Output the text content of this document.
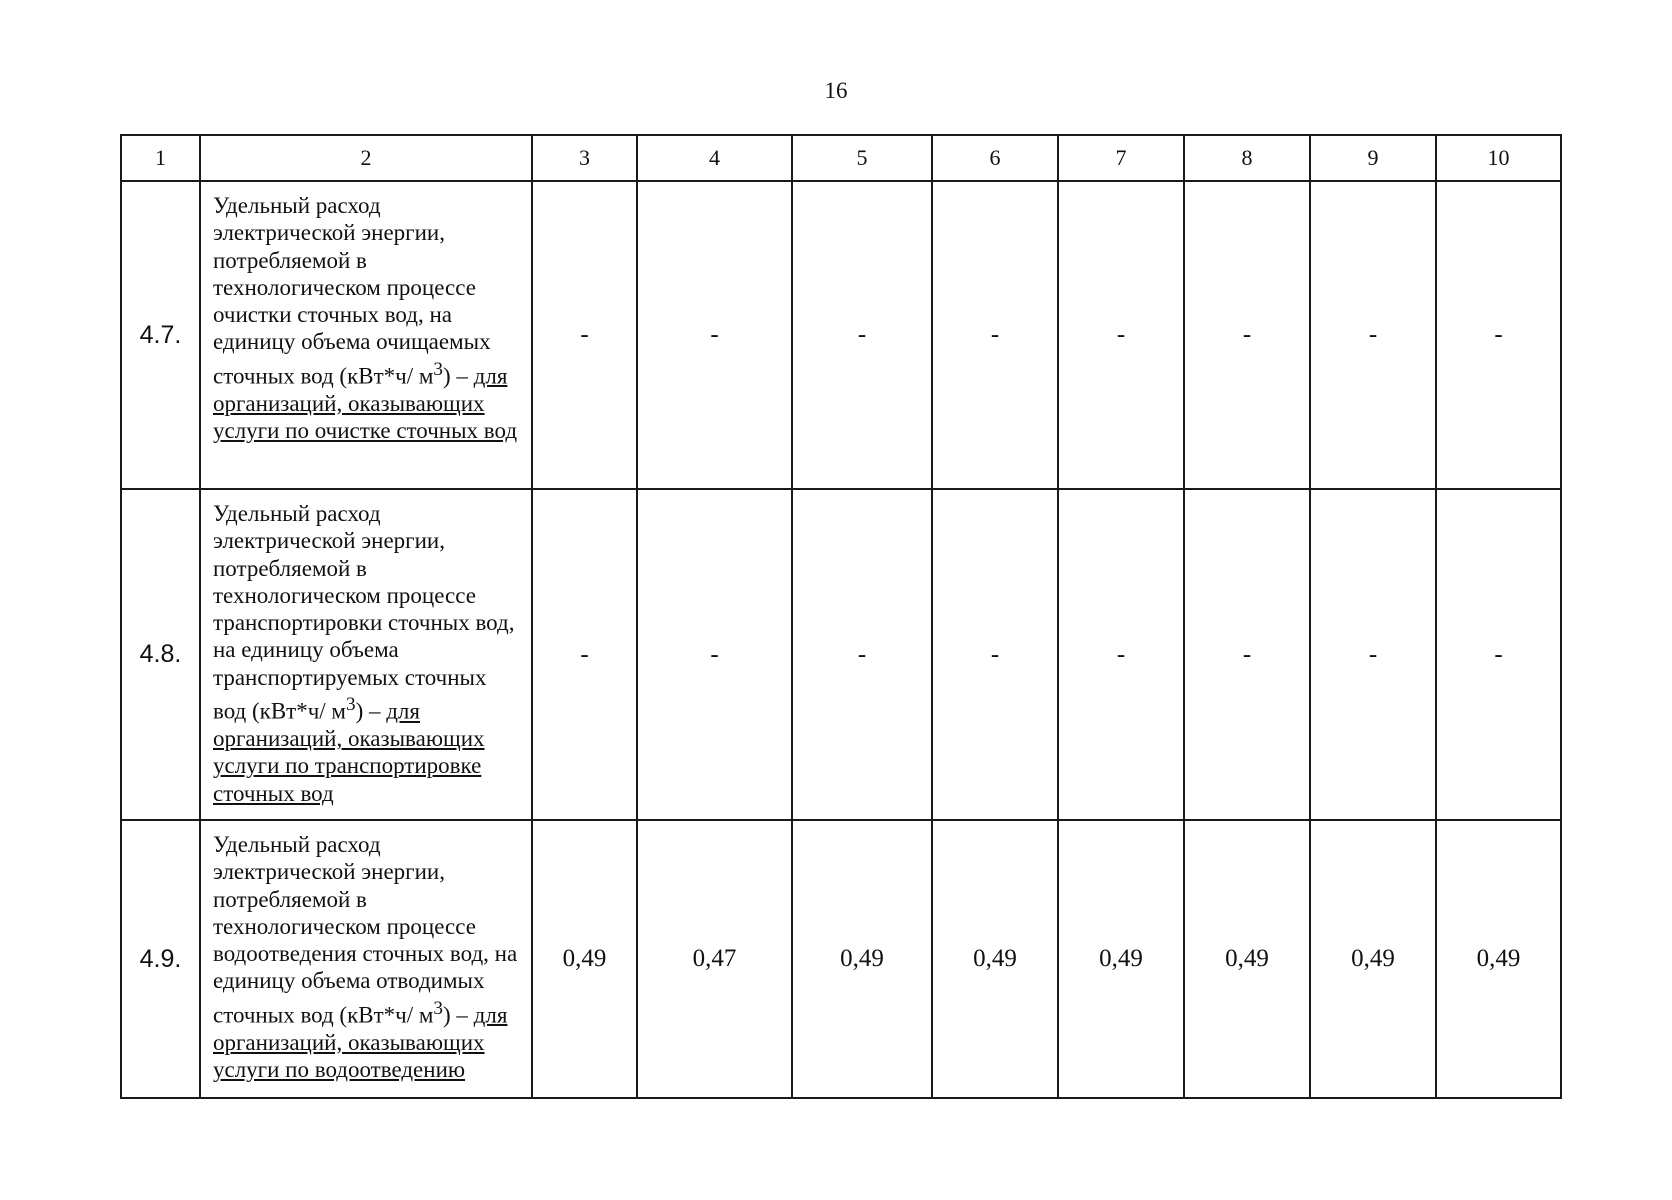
16
1	2	3	4	5	6	7	8	9	10
4.7.	Удельный расход электрической энергии, потребляемой в технологическом процессе очистки сточных вод, на единицу объема очищаемых сточных вод (кВт*ч/ $м^3$) – для организаций, оказывающих услуги по очистке сточных вод	-	-	-	-	-	-	-	-
4.8.	Удельный расход электрической энергии, потребляемой в технологическом процессе транспортировки сточных вод, на единицу объема транспортируемых сточных вод (кВт*ч/ $м^3$) – для организаций, оказывающих услуги по транспортировке сточных вод	-	-	-	-	-	-	-	-
4.9.	Удельный расход электрической энергии, потребляемой в технологическом процессе водоотведения сточных вод, на единицу объема отводимых сточных вод (кВт*ч/ $м^3$) – для организаций, оказывающих услуги по водоотведению	0,49	0,47	0,49	0,49	0,49	0,49	0,49	0,49
